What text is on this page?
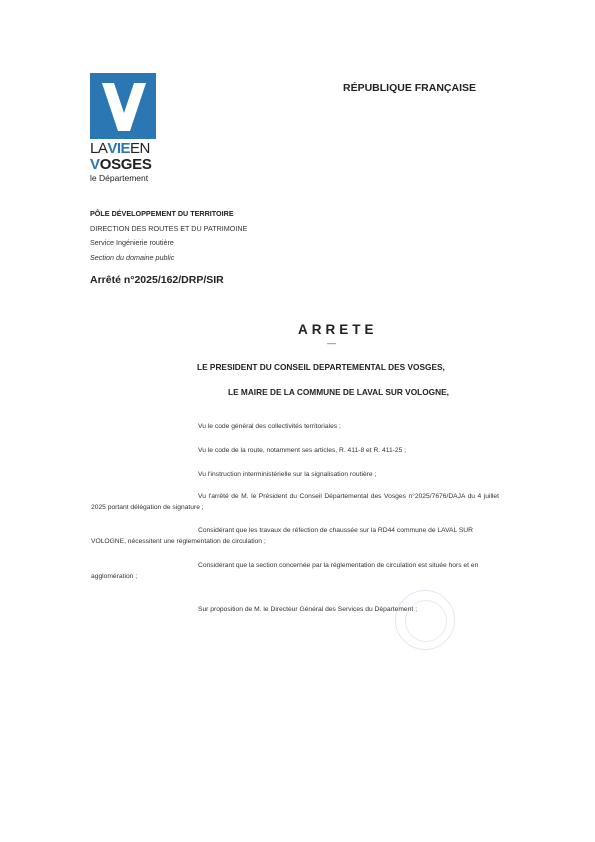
LAVIEEN
VOSGES
le Département
RÉPUBLIQUE FRANÇAISE
PÔLE DÉVELOPPEMENT DU TERRITOIRE
DIRECTION DES ROUTES ET DU PATRIMOINE
Service Ingénierie routière
Section du domaine public
Arrêté n°2025/162/DRP/SIR
ARRETE
—
LE PRESIDENT DU CONSEIL DEPARTEMENTAL DES VOSGES,
LE MAIRE DE LA COMMUNE DE LAVAL SUR VOLOGNE,
Vu le code général des collectivités territoriales ;
Vu le code de la route, notamment ses articles, R. 411-8 et R. 411-25 ;
Vu l'instruction interministérielle sur la signalisation routière ;
Vu l'arrêté de M. le Président du Conseil Départemental des Vosges n°2025/7676/DAJA du 4 juillet 2025 portant délégation de signature ;
Considérant que les travaux de réfection de chaussée sur la RD44 commune de LAVAL SUR VOLOGNE, nécessitent une réglementation de circulation ;
Considérant que la section concernée par la réglementation de circulation est située hors et en agglomération ;
Sur proposition de M. le Directeur Général des Services du Département ;
